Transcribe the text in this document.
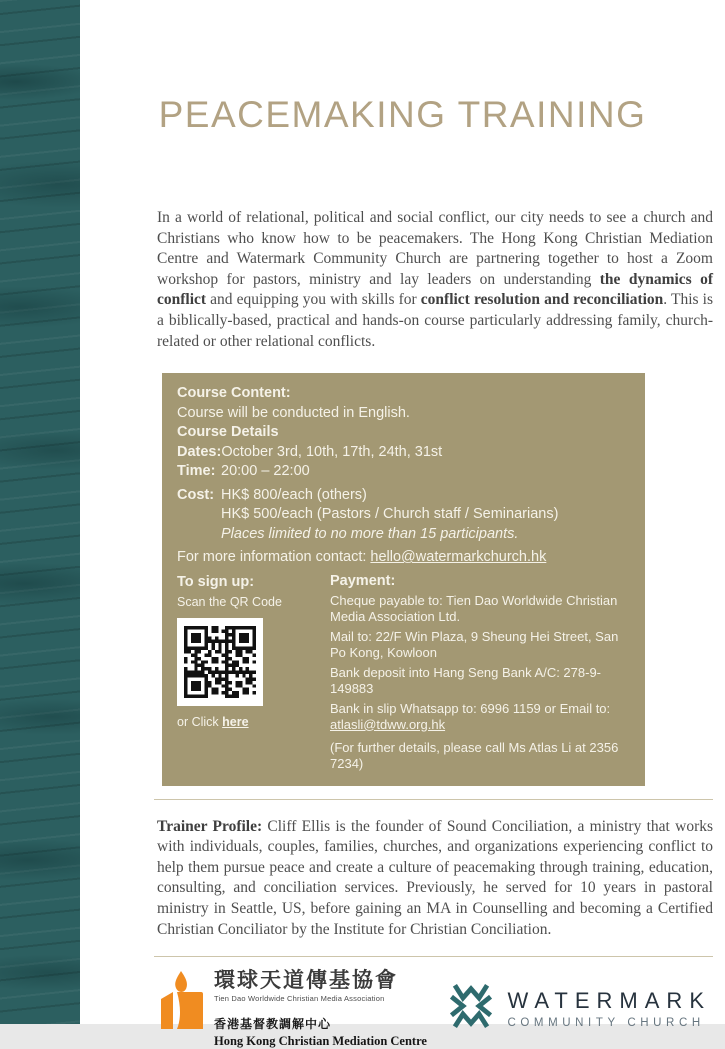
PEACEMAKING TRAINING

In a world of relational, political and social conflict, our city needs to see a church and Christians who know how to be peacemakers. The Hong Kong Christian Mediation Centre and Watermark Community Church are partnering together to host a Zoom workshop for pastors, ministry and lay leaders on understanding the dynamics of conflict and equipping you with skills for conflict resolution and reconciliation. This is a biblically-based, practical and hands-on course particularly addressing family, church-related or other relational conflicts.

Course Content:
Course will be conducted in English.
Course Details
Dates: October 3rd, 10th, 17th, 24th, 31st
Time: 20:00 – 22:00
Cost: HK$ 800/each (others)
HK$ 500/each (Pastors / Church staff / Seminarians)
Places limited to no more than 15 participants.
For more information contact: hello@watermarkchurch.hk
To sign up:
Scan the QR Code
or Click here
Payment:
Cheque payable to: Tien Dao Worldwide Christian Media Association Ltd.
Mail to: 22/F Win Plaza, 9 Sheung Hei Street, San Po Kong, Kowloon
Bank deposit into Hang Seng Bank A/C: 278-9-149883
Bank in slip Whatsapp to: 6996 1159 or Email to: atlasli@tdww.org.hk
(For further details, please call Ms Atlas Li at 2356 7234)

Trainer Profile: Cliff Ellis is the founder of Sound Conciliation, a ministry that works with individuals, couples, families, churches, and organizations experiencing conflict to help them pursue peace and create a culture of peacemaking through training, education, consulting, and conciliation services. Previously, he served for 10 years in pastoral ministry in Seattle, US, before gaining an MA in Counselling and becoming a Certified Christian Conciliator by the Institute for Christian Conciliation.

環球天道傳基協會
Tien Dao Worldwide Christian Media Association
香港基督教調解中心
Hong Kong Christian Mediation Centre
WATERMARK
COMMUNITY CHURCH
